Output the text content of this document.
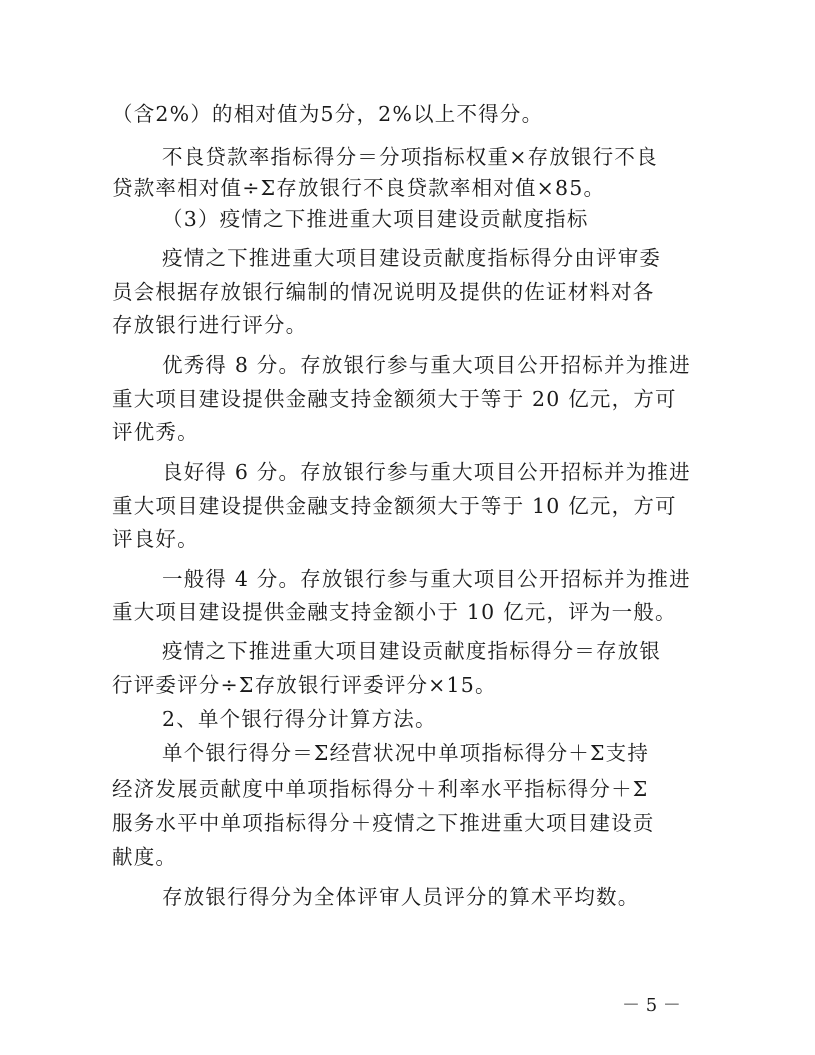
（含2%）的相对值为5分，2%以上不得分。
不良贷款率指标得分＝分项指标权重×存放银行不良
贷款率相对值÷Σ存放银行不良贷款率相对值×85。
（3）疫情之下推进重大项目建设贡献度指标
疫情之下推进重大项目建设贡献度指标得分由评审委
员会根据存放银行编制的情况说明及提供的佐证材料对各
存放银行进行评分。
优秀得 8 分。存放银行参与重大项目公开招标并为推进
重大项目建设提供金融支持金额须大于等于 20 亿元，方可
评优秀。
良好得 6 分。存放银行参与重大项目公开招标并为推进
重大项目建设提供金融支持金额须大于等于 10 亿元，方可
评良好。
一般得 4 分。存放银行参与重大项目公开招标并为推进
重大项目建设提供金融支持金额小于 10 亿元，评为一般。
疫情之下推进重大项目建设贡献度指标得分＝存放银
行评委评分÷Σ存放银行评委评分×15。
2、单个银行得分计算方法。
单个银行得分＝Σ经营状况中单项指标得分＋Σ支持
经济发展贡献度中单项指标得分＋利率水平指标得分＋Σ
服务水平中单项指标得分＋疫情之下推进重大项目建设贡
献度。
存放银行得分为全体评审人员评分的算术平均数。
－ 5 －
